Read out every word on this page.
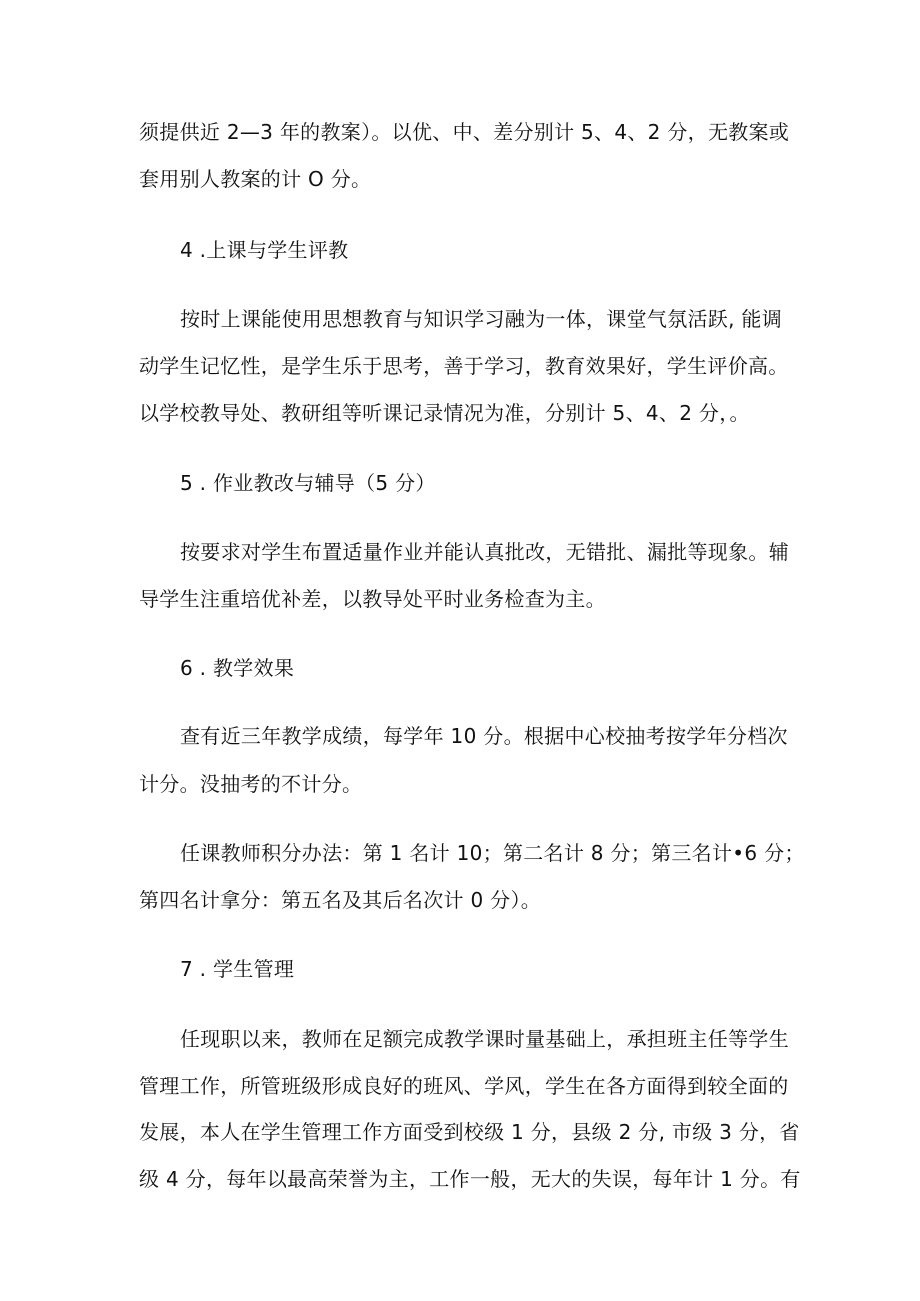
须提供近 2—3 年的教案）。以优、中、差分别计 5、4、2 分，无教案或
套用别人教案的计 O 分。
4 .上课与学生评教
按时上课能使用思想教育与知识学习融为一体，课堂气氛活跃, 能调
动学生记忆性，是学生乐于思考，善于学习，教育效果好，学生评价高。
以学校教导处、教研组等听课记录情况为准，分别计 5、4、2 分，。
5 . 作业教改与辅导（5 分）
按要求对学生布置适量作业并能认真批改，无错批、漏批等现象。辅
导学生注重培优补差，以教导处平时业务检查为主。
6 . 教学效果
查有近三年教学成绩，每学年 10 分。根据中心校抽考按学年分档次
计分。没抽考的不计分。
任课教师积分办法：第 1 名计 10；第二名计 8 分；第三名计•6 分；
第四名计拿分：第五名及其后名次计 0 分）。
7 . 学生管理
任现职以来，教师在足额完成教学课时量基础上，承担班主任等学生
管理工作，所管班级形成良好的班风、学风，学生在各方面得到较全面的
发展，本人在学生管理工作方面受到校级 1 分，县级 2 分, 市级 3 分，省
级 4 分，每年以最高荣誉为主，工作一般，无大的失误，每年计 1 分。有
